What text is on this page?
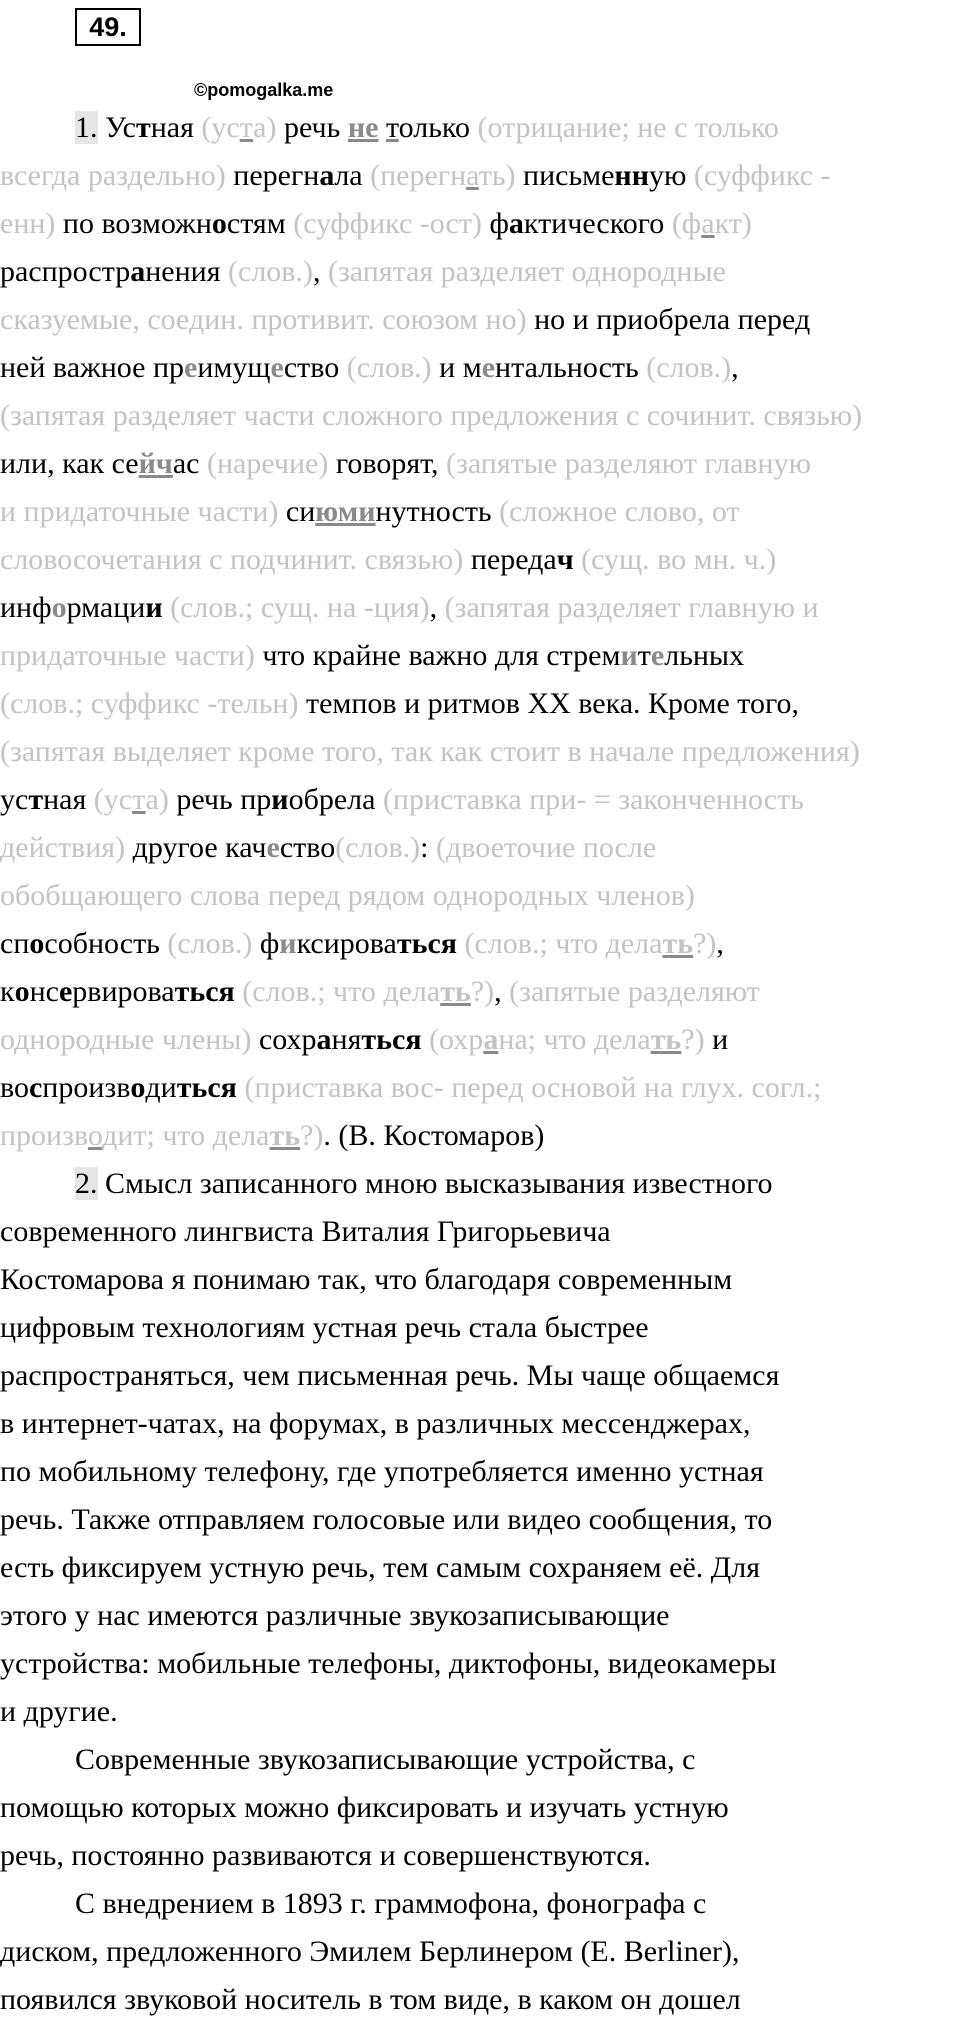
49.
©pomogalka.me
1. Устная (уста) речь не только (отрицание; не с только
всегда раздельно) перегнала (перегнать) письменную (суффикс -
енн) по возможностям (суффикс -ост) фактического (факт)
распространения (слов.), (запятая разделяет однородные
сказуемые, соедин. противит. союзом но) но и приобрела перед
ней важное преимущество (слов.) и ментальность (слов.),
(запятая разделяет части сложного предложения с сочинит. связью)
или, как сейчас (наречие) говорят, (запятые разделяют главную
и придаточные части) сиюминутность (сложное слово, от
словосочетания с подчинит. связью) передач (сущ. во мн. ч.)
информации (слов.; сущ. на -ция), (запятая разделяет главную и
придаточные части) что крайне важно для стремительных
(слов.; суффикс -тельн) темпов и ритмов XX века. Кроме того,
(запятая выделяет кроме того, так как стоит в начале предложения)
устная (уста) речь приобрела (приставка при- = законченность
действия) другое качество(слов.): (двоеточие после
обобщающего слова перед рядом однородных членов)
способность (слов.) фиксироваться (слов.; что делать?),
консервироваться (слов.; что делать?), (запятые разделяют
однородные члены) сохраняться (охрана; что делать?) и
воспроизводиться (приставка вос- перед основой на глух. согл.;
производит; что делать?). (В. Костомаров)
2. Смысл записанного мною высказывания известного
современного лингвиста Виталия Григорьевича
Костомарова я понимаю так, что благодаря современным
цифровым технологиям устная речь стала быстрее
распространяться, чем письменная речь. Мы чаще общаемся
в интернет-чатах, на форумах, в различных мессенджерах,
по мобильному телефону, где употребляется именно устная
речь. Также отправляем голосовые или видео сообщения, то
есть фиксируем устную речь, тем самым сохраняем её. Для
этого у нас имеются различные звукозаписывающие
устройства: мобильные телефоны, диктофоны, видеокамеры
и другие.
Современные звукозаписывающие устройства, с
помощью которых можно фиксировать и изучать устную
речь, постоянно развиваются и совершенствуются.
С внедрением в 1893 г. граммофона, фонографа с
диском, предложенного Эмилем Берлинером (E. Berliner),
появился звуковой носитель в том виде, в каком он дошел
